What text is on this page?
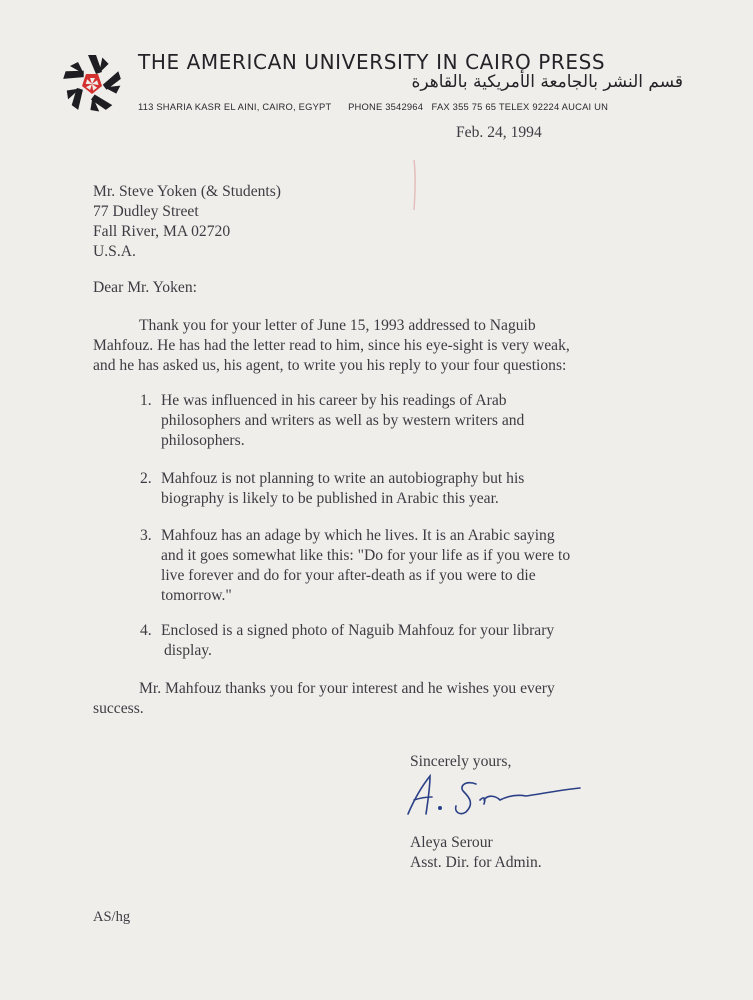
THE AMERICAN UNIVERSITY IN CAIRO PRESS
قسم النشر بالجامعة الأمريكية بالقاهرة
113 SHARIA KASR EL AINI, CAIRO, EGYPT PHONE 3542964 FAX 355 75 65 TELEX 92224 AUCAI UN
Feb. 24, 1994
Mr. Steve Yoken (& Students)
77 Dudley Street
Fall River, MA 02720
U.S.A.
Dear Mr. Yoken:
Thank you for your letter of June 15, 1993 addressed to Naguib
Mahfouz. He has had the letter read to him, since his eye-sight is very weak,
and he has asked us, his agent, to write you his reply to your four questions:
1. He was influenced in his career by his readings of Arab
philosophers and writers as well as by western writers and
philosophers.
2. Mahfouz is not planning to write an autobiography but his
biography is likely to be published in Arabic this year.
3. Mahfouz has an adage by which he lives. It is an Arabic saying
and it goes somewhat like this: "Do for your life as if you were to
live forever and do for your after-death as if you were to die
tomorrow."
4. Enclosed is a signed photo of Naguib Mahfouz for your library
display.
Mr. Mahfouz thanks you for your interest and he wishes you every
success.
Sincerely yours,
Aleya Serour
Asst. Dir. for Admin.
AS/hg
